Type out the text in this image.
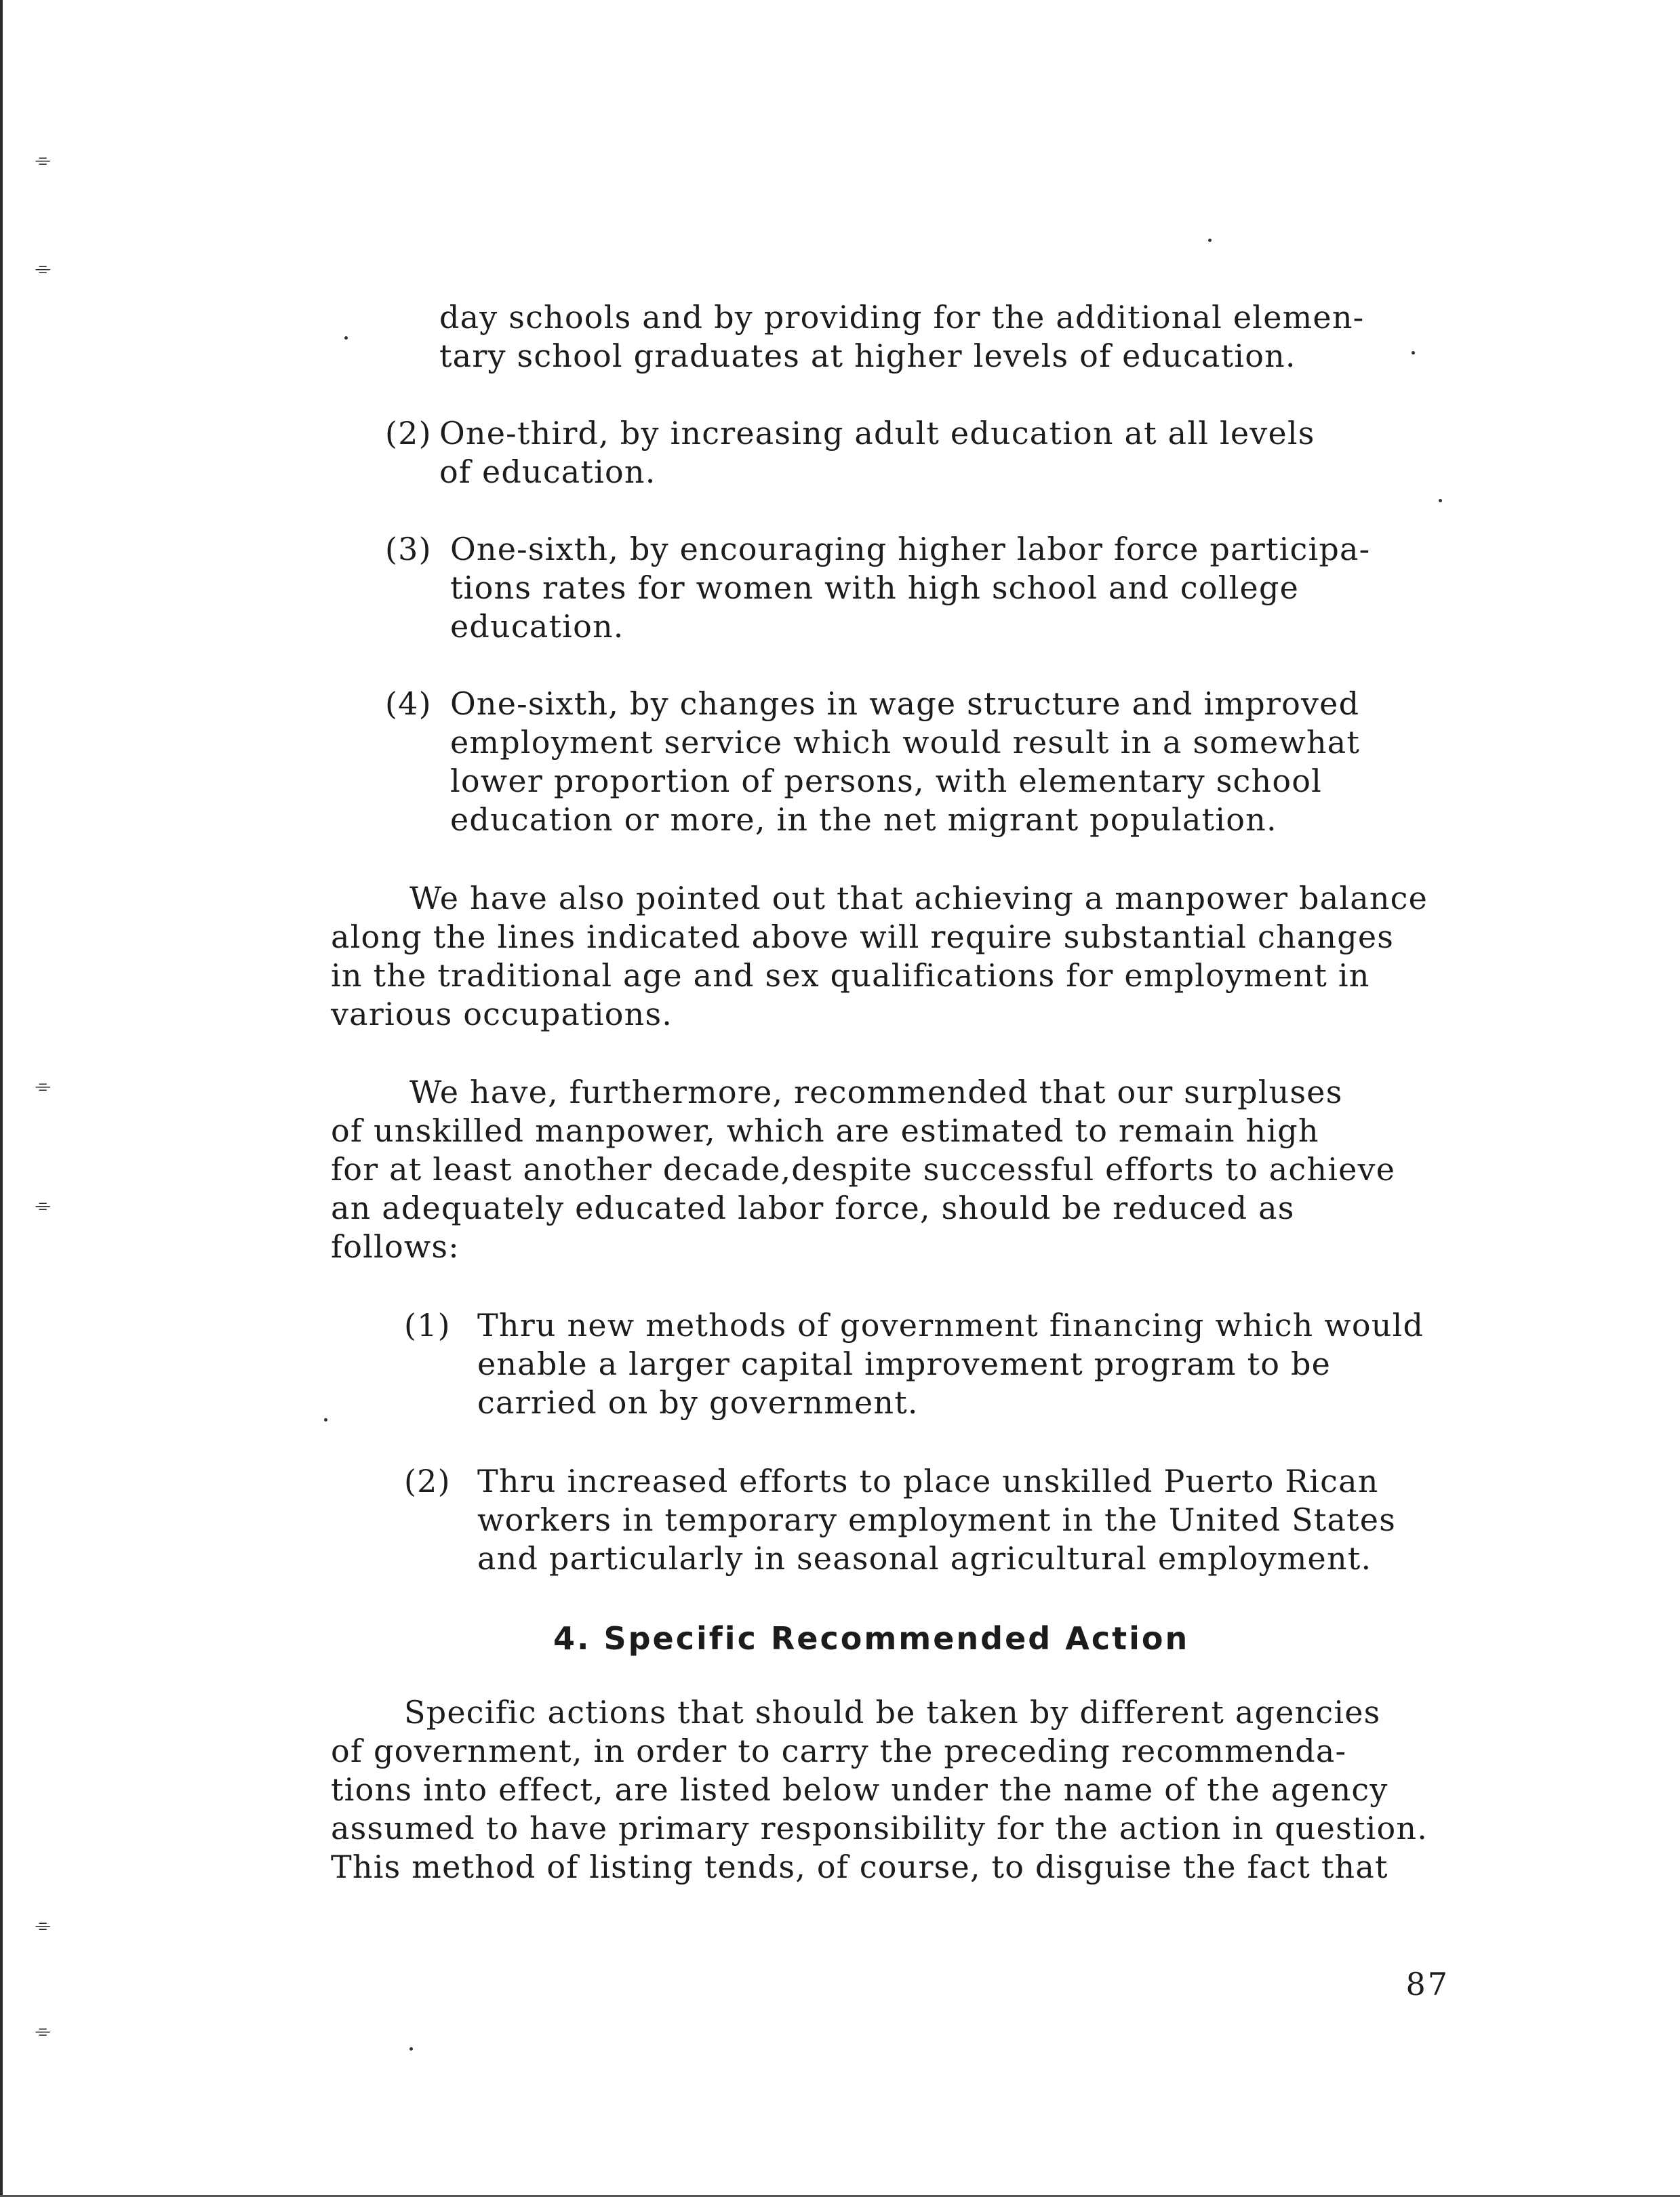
⌯
⌯
⌯
⌯
⌯
⌯
day schools and by providing for the additional elemen-
tary school graduates at higher levels of education.
(2) One-third, by increasing adult education at all levels
of education.
(3) One-sixth, by encouraging higher labor force participa-
tions rates for women with high school and college
education.
(4) One-sixth, by changes in wage structure and improved
employment service which would result in a somewhat
lower proportion of persons, with elementary school
education or more, in the net migrant population.
We have also pointed out that achieving a manpower balance
along the lines indicated above will require substantial changes
in the traditional age and sex qualifications for employment in
various occupations.
We have, furthermore, recommended that our surpluses
of unskilled manpower, which are estimated to remain high
for at least another decade,despite successful efforts to achieve
an adequately educated labor force, should be reduced as
follows:
(1) Thru new methods of government financing which would
enable a larger capital improvement program to be
carried on by government.
(2) Thru increased efforts to place unskilled Puerto Rican
workers in temporary employment in the United States
and particularly in seasonal agricultural employment.
4. Specific Recommended Action
Specific actions that should be taken by different agencies
of government, in order to carry the preceding recommenda-
tions into effect, are listed below under the name of the agency
assumed to have primary responsibility for the action in question.
This method of listing tends, of course, to disguise the fact that
87
